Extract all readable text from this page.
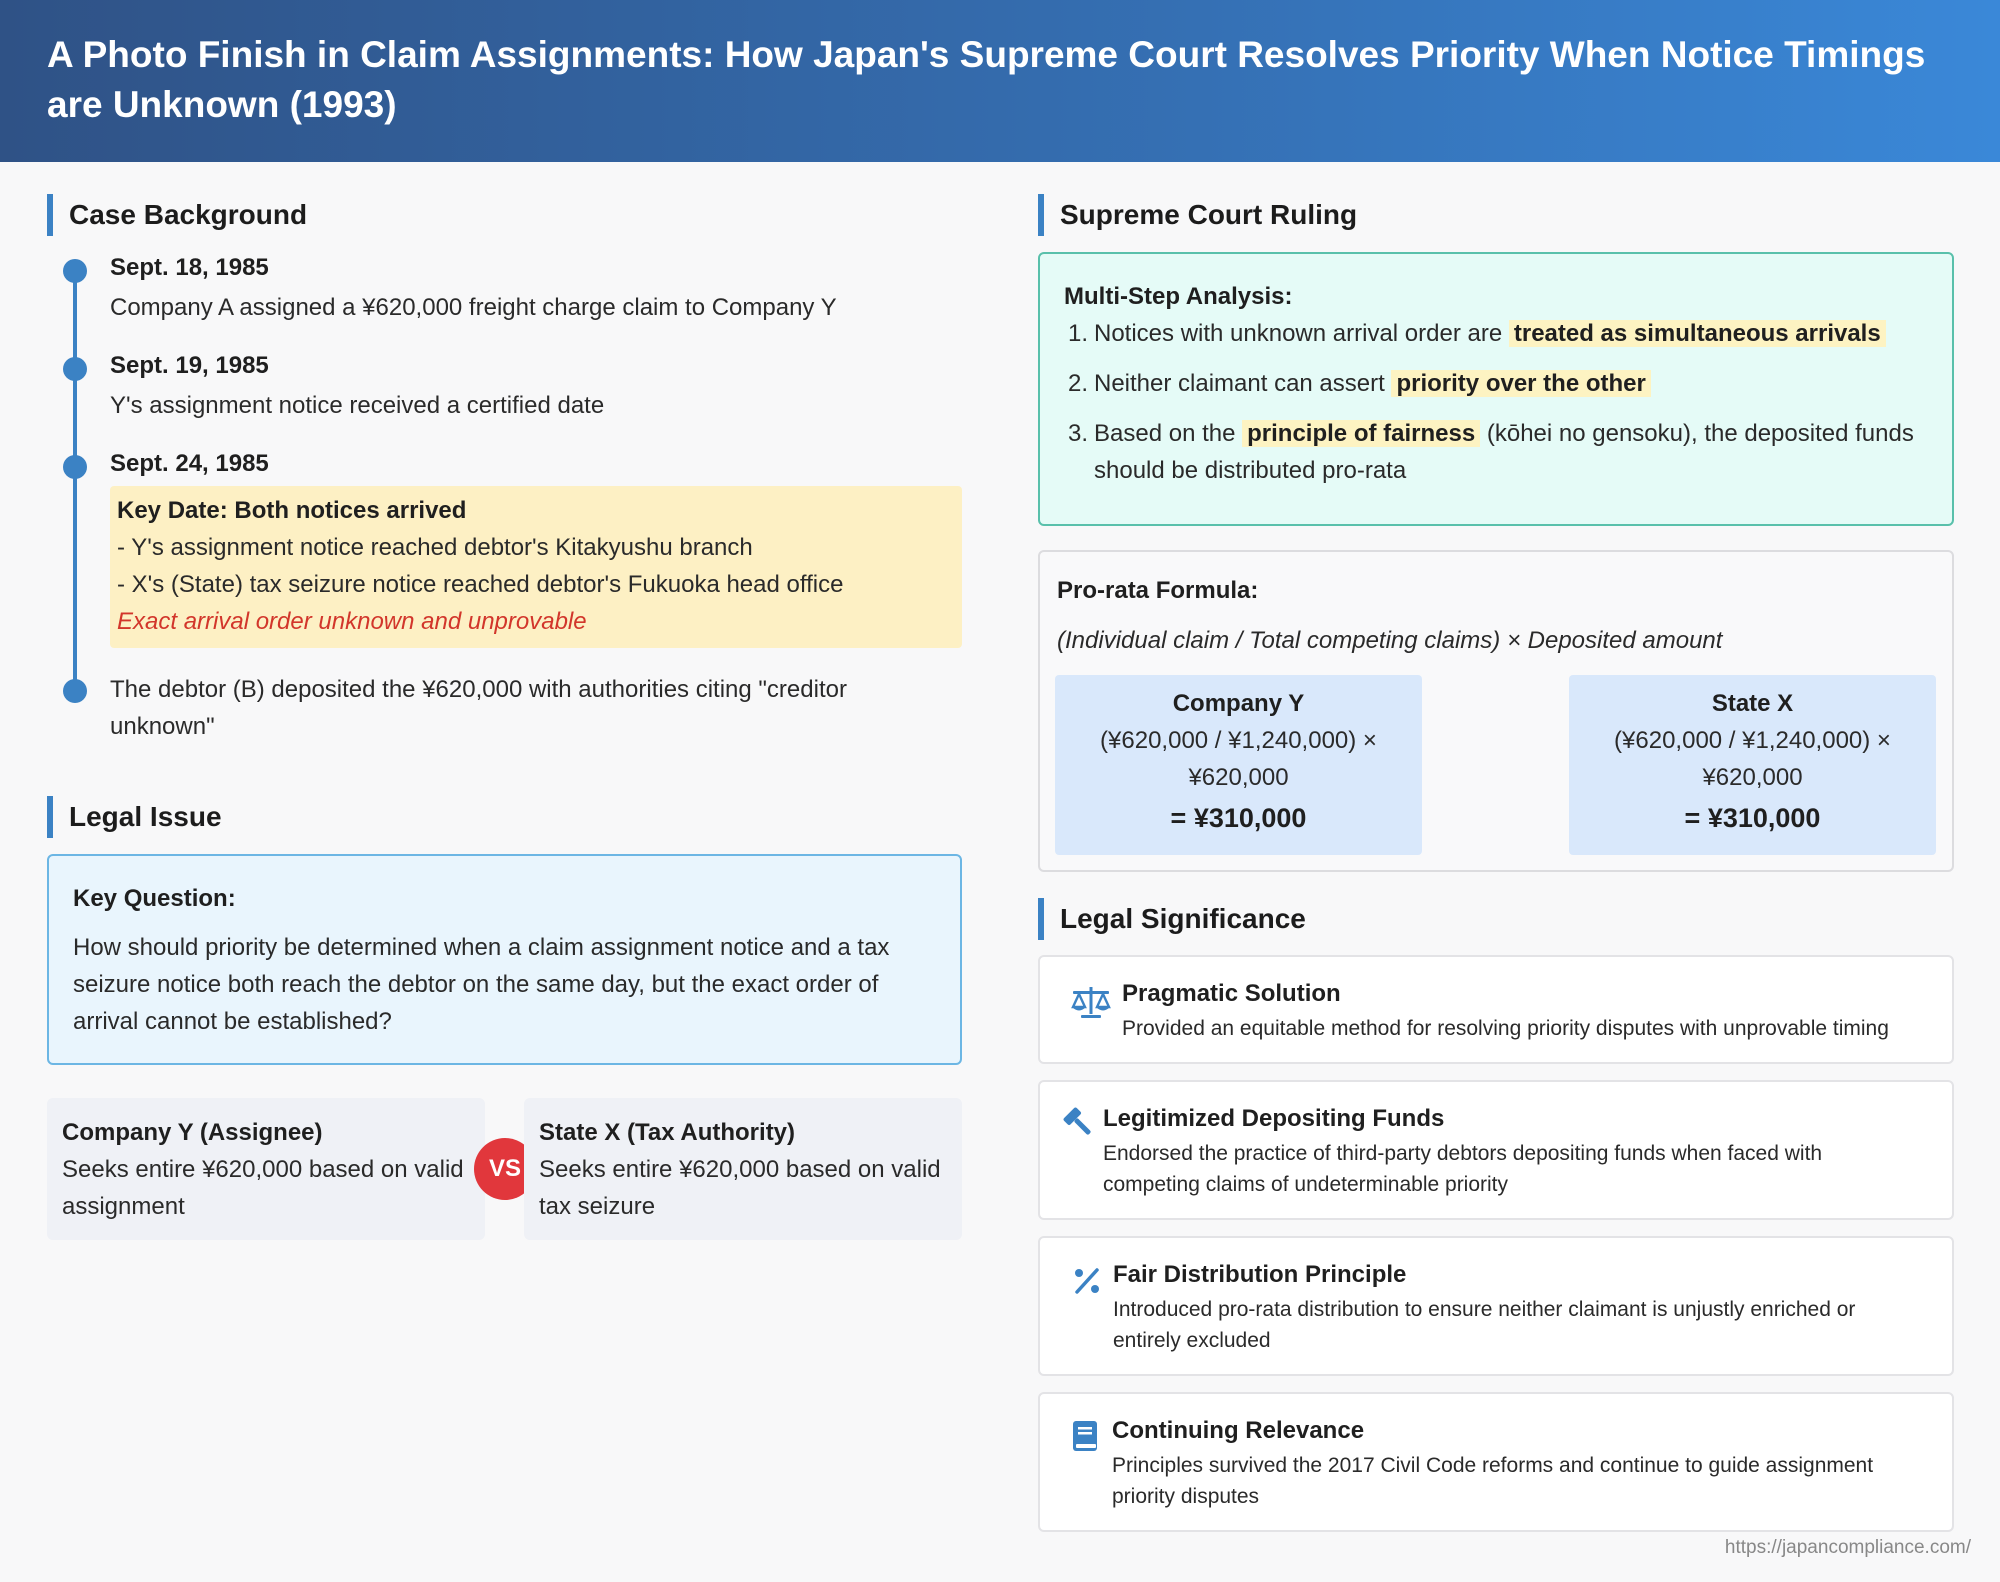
A Photo Finish in Claim Assignments: How Japan's Supreme Court Resolves Priority When Notice Timings are Unknown (1993)
Case Background
Sept. 18, 1985
Company A assigned a ¥620,000 freight charge claim to Company Y
Sept. 19, 1985
Y's assignment notice received a certified date
Sept. 24, 1985
Key Date: Both notices arrived
- Y's assignment notice reached debtor's Kitakyushu branch
- X's (State) tax seizure notice reached debtor's Fukuoka head office
Exact arrival order unknown and unprovable
The debtor (B) deposited the ¥620,000 with authorities citing "creditor unknown"
Legal Issue
Key Question:
How should priority be determined when a claim assignment notice and a tax seizure notice both reach the debtor on the same day, but the exact order of arrival cannot be established?
Company Y (Assignee)
Seeks entire ¥620,000 based on valid assignment
VS
State X (Tax Authority)
Seeks entire ¥620,000 based on valid tax seizure
Supreme Court Ruling
Multi-Step Analysis:
1. Notices with unknown arrival order are treated as simultaneous arrivals
2. Neither claimant can assert priority over the other
3. Based on the principle of fairness (kōhei no gensoku), the deposited funds should be distributed pro-rata
Pro-rata Formula:
(Individual claim / Total competing claims) × Deposited amount
Company Y
(¥620,000 / ¥1,240,000) ×
¥620,000
= ¥310,000
State X
(¥620,000 / ¥1,240,000) ×
¥620,000
= ¥310,000
Legal Significance
Pragmatic Solution
Provided an equitable method for resolving priority disputes with unprovable timing
Legitimized Depositing Funds
Endorsed the practice of third-party debtors depositing funds when faced with competing claims of undeterminable priority
Fair Distribution Principle
Introduced pro-rata distribution to ensure neither claimant is unjustly enriched or entirely excluded
Continuing Relevance
Principles survived the 2017 Civil Code reforms and continue to guide assignment priority disputes
https://japancompliance.com/
